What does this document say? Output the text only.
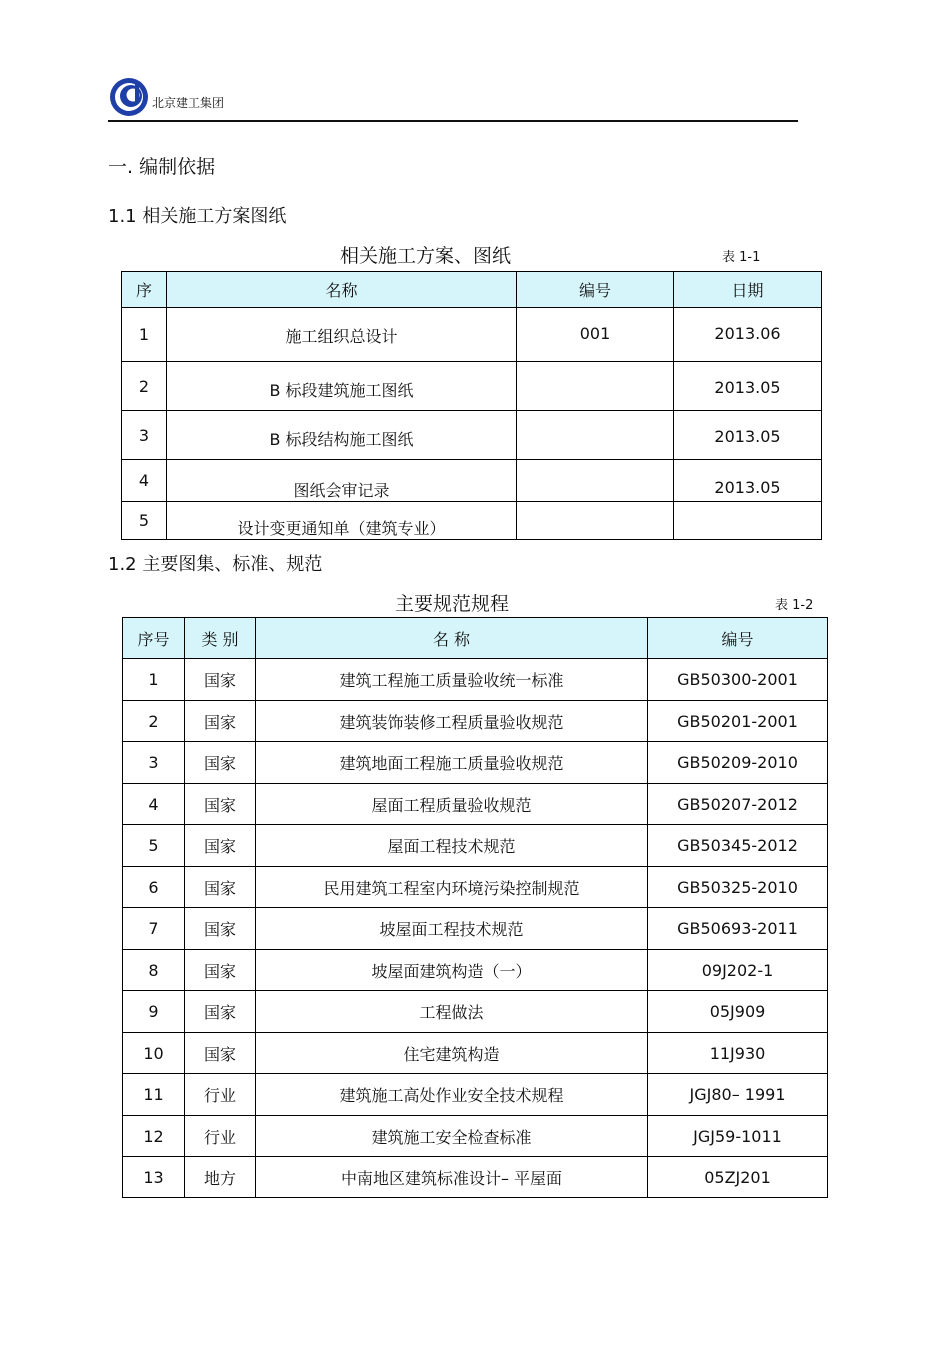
北京建工集团
一. 编制依据
1.1 相关施工方案图纸
相关施工方案、图纸	表 1-1
序	名称	编号	日期
1	施工组织总设计	001	2013.06
2	B 标段建筑施工图纸		2013.05
3	B 标段结构施工图纸		2013.05
4	图纸会审记录		2013.05
5	设计变更通知单（建筑专业）		
1.2 主要图集、标准、规范
主要规范规程	表 1-2
序号	类 别	名 称	编号
1	国家	建筑工程施工质量验收统一标准	GB50300-2001
2	国家	建筑装饰装修工程质量验收规范	GB50201-2001
3	国家	建筑地面工程施工质量验收规范	GB50209-2010
4	国家	屋面工程质量验收规范	GB50207-2012
5	国家	屋面工程技术规范	GB50345-2012
6	国家	民用建筑工程室内环境污染控制规范	GB50325-2010
7	国家	坡屋面工程技术规范	GB50693-2011
8	国家	坡屋面建筑构造（一）	09J202-1
9	国家	工程做法	05J909
10	国家	住宅建筑构造	11J930
11	行业	建筑施工高处作业安全技术规程	JGJ80– 1991
12	行业	建筑施工安全检查标准	JGJ59-1011
13	地方	中南地区建筑标准设计– 平屋面	05ZJ201
